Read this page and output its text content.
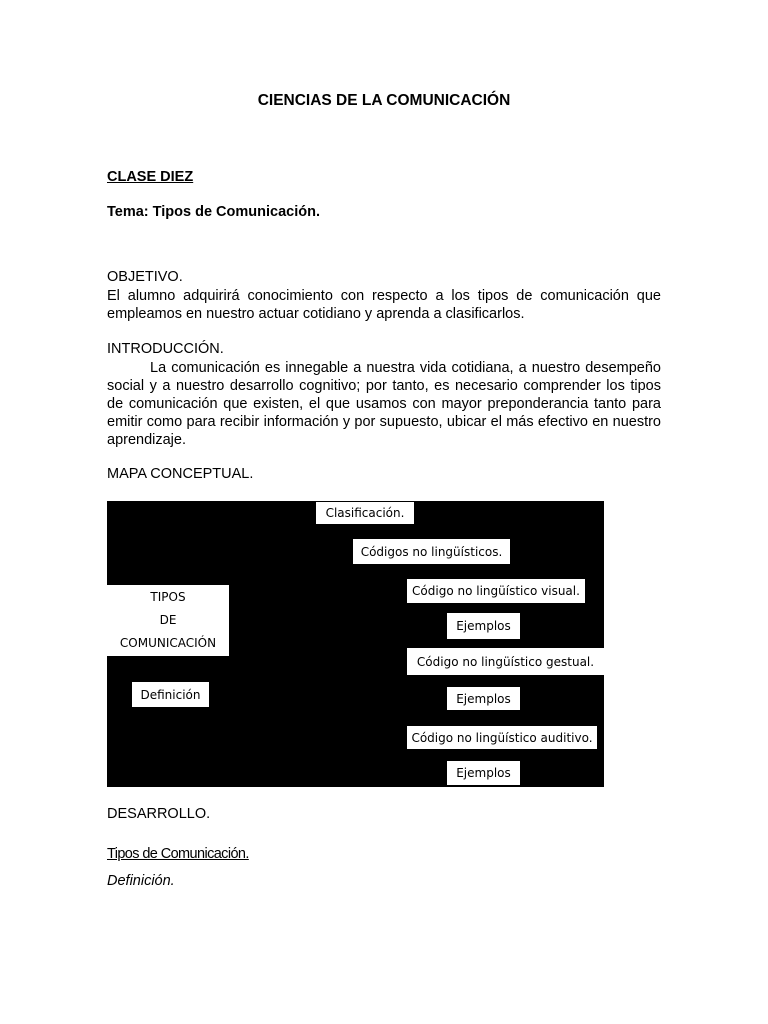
CIENCIAS DE LA COMUNICACIÓN
CLASE DIEZ
Tema: Tipos de Comunicación.
OBJETIVO.
El alumno adquirirá conocimiento con respecto a los tipos de comunicación que empleamos en nuestro actuar cotidiano y aprenda a clasificarlos.
INTRODUCCIÓN.
La comunicación es innegable a nuestra vida cotidiana, a nuestro desempeño social y a nuestro desarrollo cognitivo; por tanto, es necesario comprender los tipos de comunicación que existen, el que usamos con mayor preponderancia tanto para emitir como para recibir información y por supuesto, ubicar el más efectivo en nuestro aprendizaje.
MAPA CONCEPTUAL.
Clasificación.
Códigos no lingüísticos.
Código no lingüístico visual.
Ejemplos
TIPOS
DE
COMUNICACIÓN
Código no lingüístico gestual.
Definición	Ejemplos
Código no lingüístico auditivo.
Ejemplos
DESARROLLO.
Tipos de Comunicación.
Definición.
